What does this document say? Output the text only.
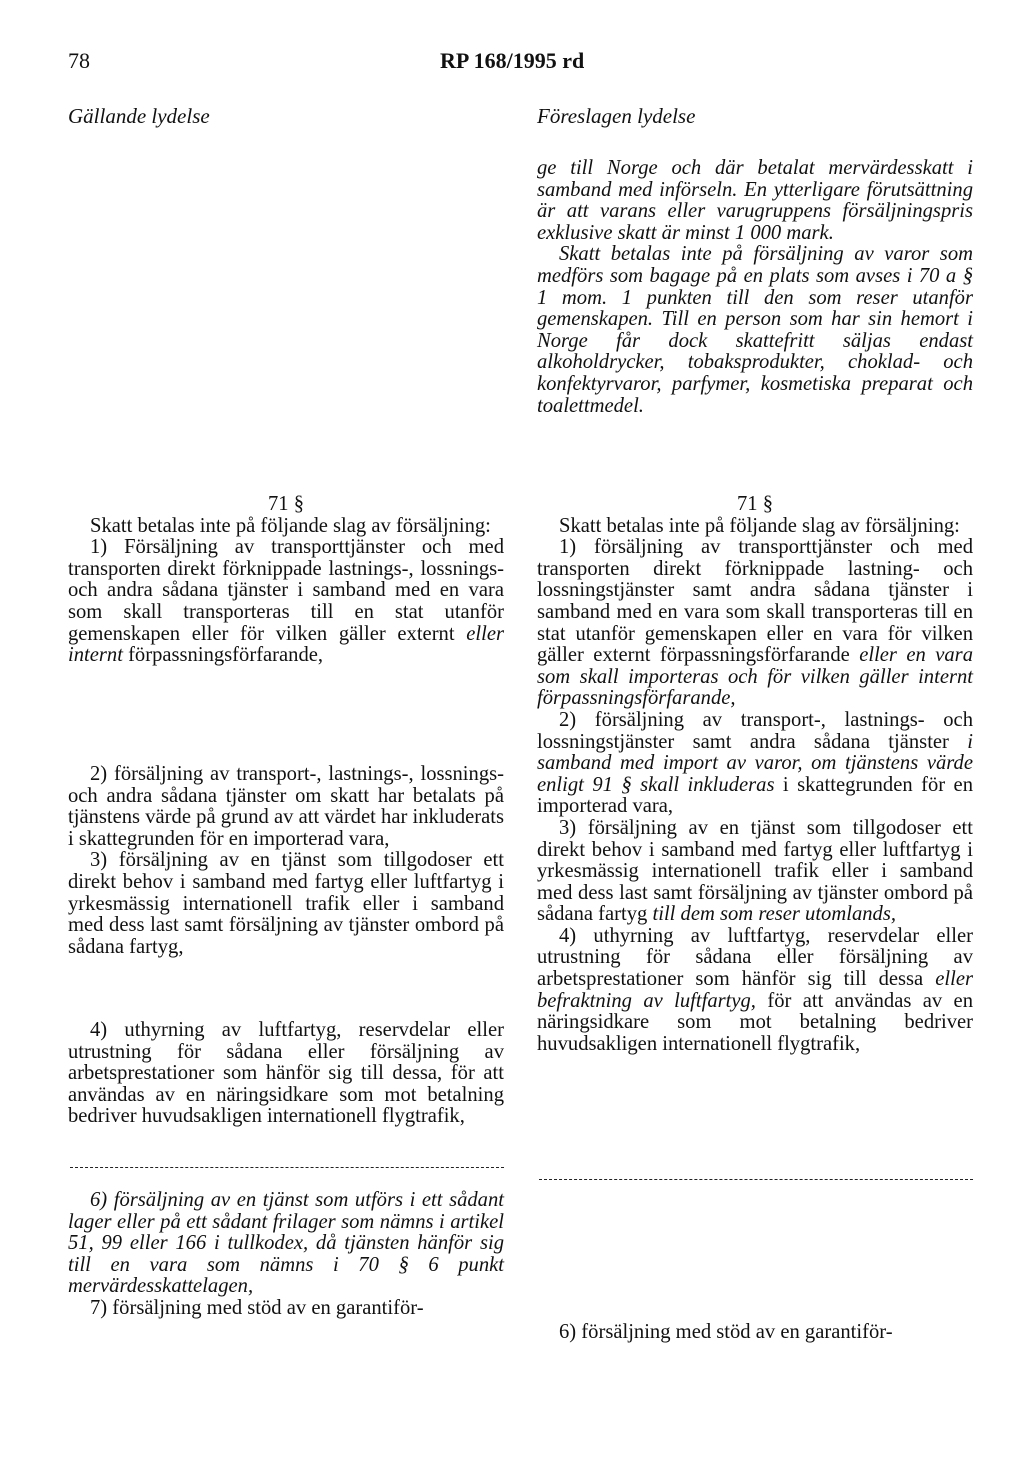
78	RP 168/1995 rd
Gällande lydelse	Föreslagen lydelse

ge till Norge och där betalat mervärdesskatt i samband med införseln. En ytterligare förutsättning är att varans eller varugruppens försäljningspris exklusive skatt är minst 1 000 mark.

Skatt betalas inte på försäljning av varor som medförs som bagage på en plats som avses i 70 a § 1 mom. 1 punkten till den som reser utanför gemenskapen. Till en person som har sin hemort i Norge får dock skattefritt säljas endast alkoholdrycker, tobaksprodukter, choklad- och konfektyrvaror, parfymer, kosmetiska preparat och toalettmedel.

71 §

Skatt betalas inte på följande slag av försäljning:

1) Försäljning av transporttjänster och med transporten direkt förknippade lastnings-, lossnings- och andra sådana tjänster i samband med en vara som skall transporteras till en stat utanför gemenskapen eller för vilken gäller externt eller internt förpassningsförfarande,

2) försäljning av transport-, lastnings-, lossnings- och andra sådana tjänster om skatt har betalats på tjänstens värde på grund av att värdet har inkluderats i skattegrunden för en importerad vara,

3) försäljning av en tjänst som tillgodoser ett direkt behov i samband med fartyg eller luftfartyg i yrkesmässig internationell trafik eller i samband med dess last samt försäljning av tjänster ombord på sådana fartyg,

4) uthyrning av luftfartyg, reservdelar eller utrustning för sådana eller försäljning av arbetsprestationer som hänför sig till dessa, för att användas av en näringsidkare som mot betalning bedriver huvudsakligen internationell flygtrafik,

6) försäljning av en tjänst som utförs i ett sådant lager eller på ett sådant frilager som nämns i artikel 51, 99 eller 166 i tullkodex, då tjänsten hänför sig till en vara som nämns i 70 § 6 punkt mervärdesskattelagen,

7) försäljning med stöd av en garantiför-

71 §

Skatt betalas inte på följande slag av försäljning:

1) försäljning av transporttjänster och med transporten direkt förknippade lastning- och lossningstjänster samt andra sådana tjänster i samband med en vara som skall transporteras till en stat utanför gemenskapen eller en vara för vilken gäller externt förpassningsförfarande eller en vara som skall importeras och för vilken gäller internt förpassningsförfarande,

2) försäljning av transport-, lastnings- och lossningstjänster samt andra sådana tjänster i samband med import av varor, om tjänstens värde enligt 91 § skall inkluderas i skattegrunden för en importerad vara,

3) försäljning av en tjänst som tillgodoser ett direkt behov i samband med fartyg eller luftfartyg i yrkesmässig internationell trafik eller i samband med dess last samt försäljning av tjänster ombord på sådana fartyg till dem som reser utomlands,

4) uthyrning av luftfartyg, reservdelar eller utrustning för sådana eller försäljning av arbetsprestationer som hänför sig till dessa eller befraktning av luftfartyg, för att användas av en näringsidkare som mot betalning bedriver huvudsakligen internationell flygtrafik,

6) försäljning med stöd av en garantiför-
